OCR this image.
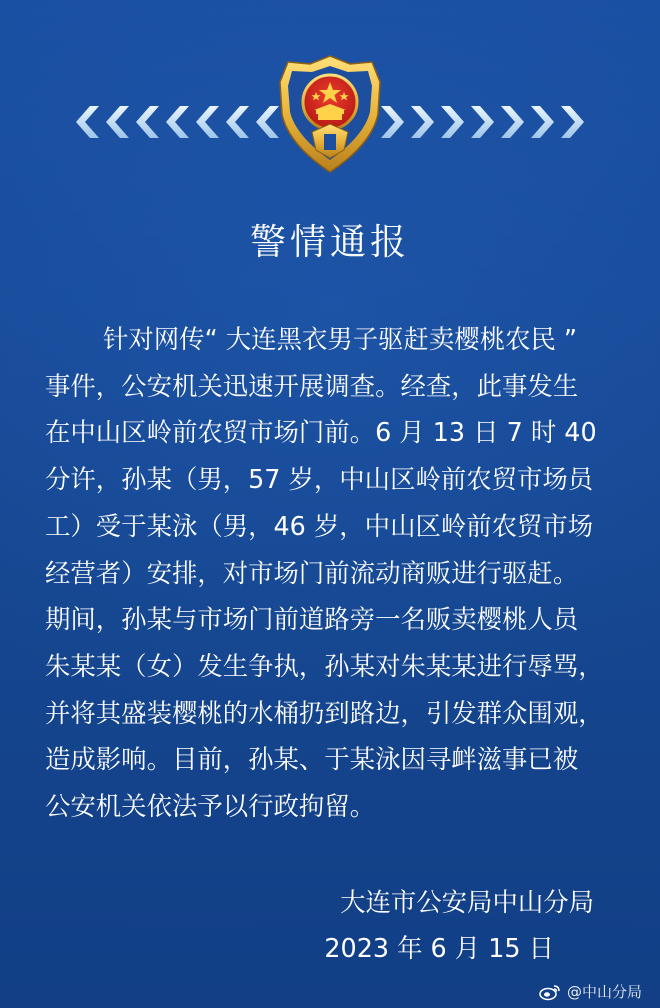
警情通报
针对网传“ 大连黑衣男子驱赶卖樱桃农民 ”
事件，公安机关迅速开展调查。经查，此事发生
在中山区岭前农贸市场门前。6 月 13 日 7 时 40
分许，孙某（男，57 岁，中山区岭前农贸市场员
工）受于某泳（男，46 岁，中山区岭前农贸市场
经营者）安排，对市场门前流动商贩进行驱赶。
期间，孙某与市场门前道路旁一名贩卖樱桃人员
朱某某（女）发生争执，孙某对朱某某进行辱骂，
并将其盛装樱桃的水桶扔到路边，引发群众围观，
造成影响。目前，孙某、于某泳因寻衅滋事已被
公安机关依法予以行政拘留。
大连市公安局中山分局
2023 年 6 月 15 日
@中山分局
